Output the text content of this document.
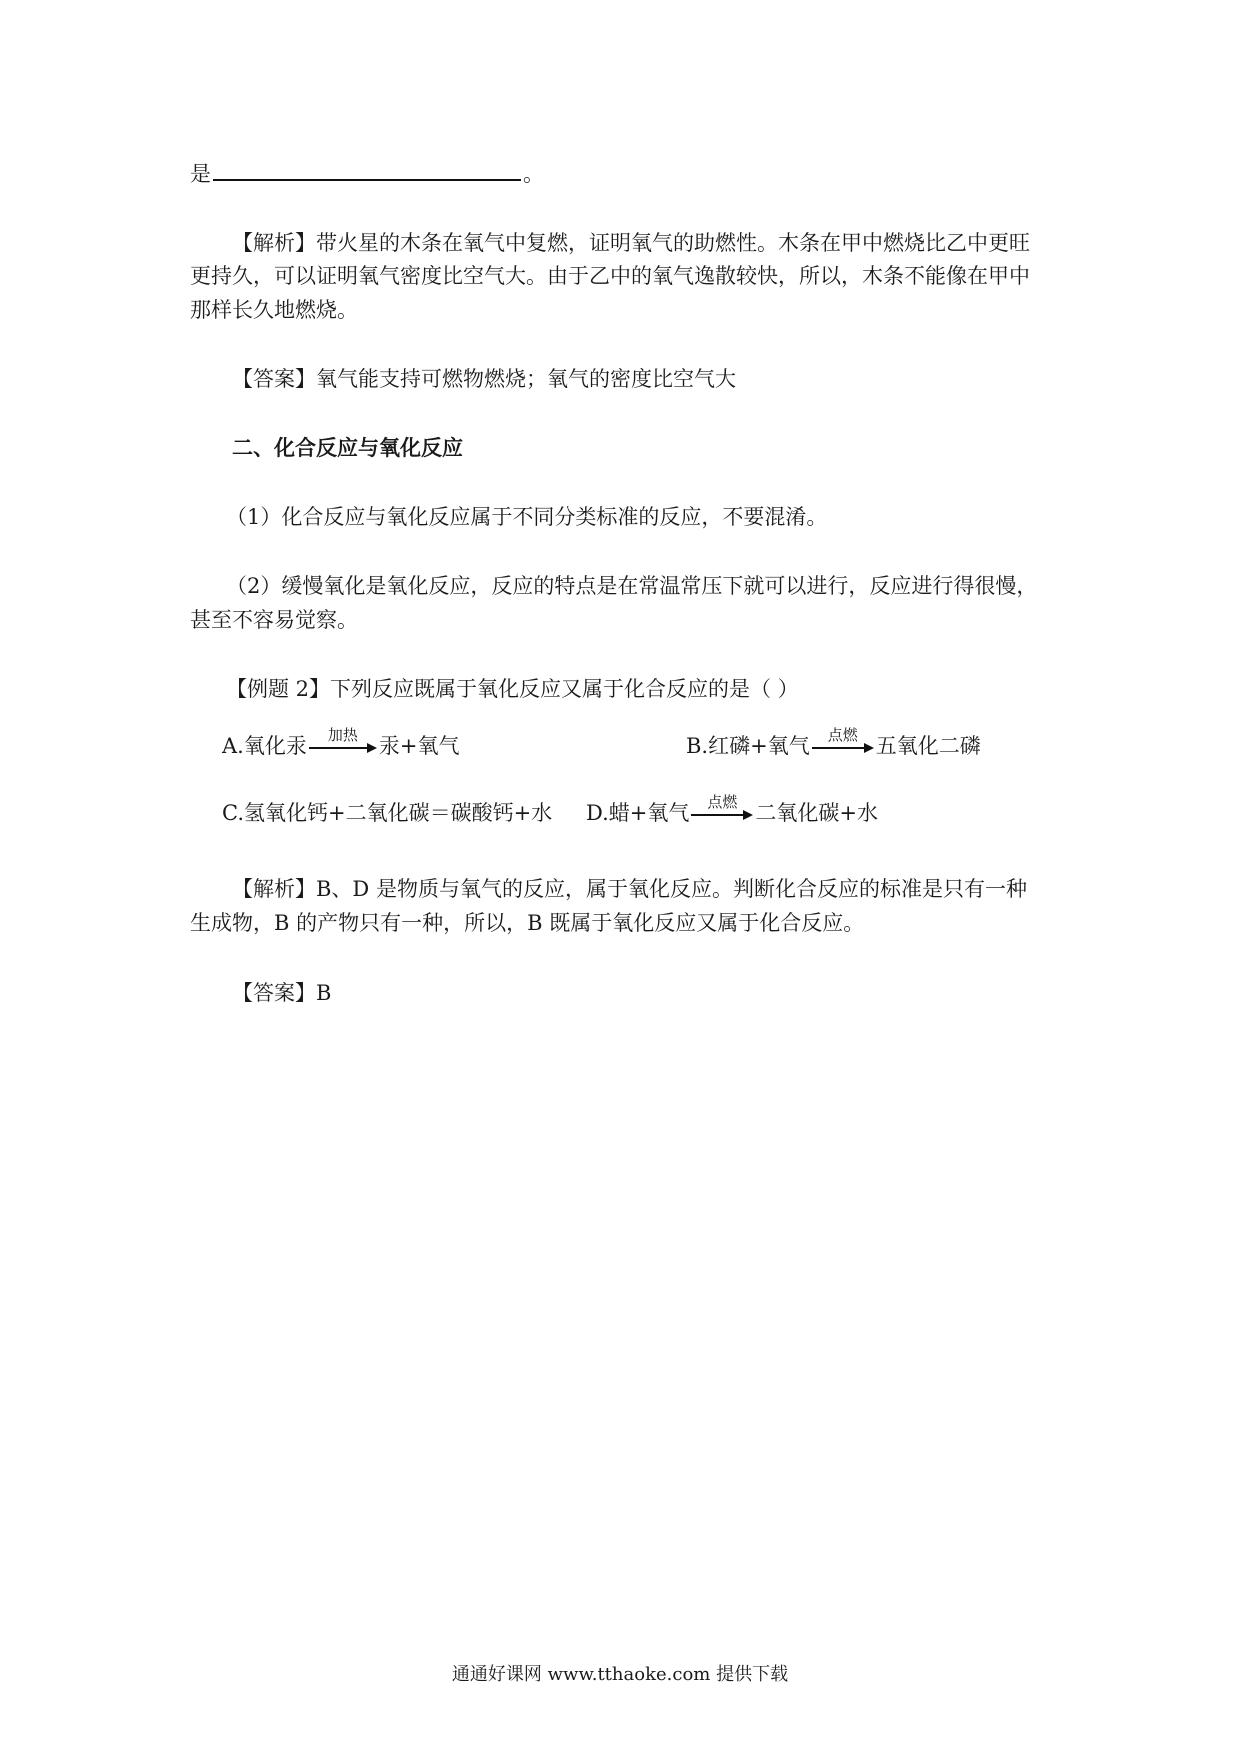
是	。
【解析】带火星的木条在氧气中复燃，证明氧气的助燃性。木条在甲中燃烧比乙中更旺
更持久，可以证明氧气密度比空气大。由于乙中的氧气逸散较快，所以，木条不能像在甲中
那样长久地燃烧。
【答案】氧气能支持可燃物燃烧；氧气的密度比空气大
二、化合反应与氧化反应
（1）化合反应与氧化反应属于不同分类标准的反应，不要混淆。
（2）缓慢氧化是氧化反应，反应的特点是在常温常压下就可以进行，反应进行得很慢，
甚至不容易觉察。
【例题 2】下列反应既属于氧化反应又属于化合反应的是（ ）
A.氧化汞	加热	汞+氧气	B.红磷+氧气	点燃 五氧化二磷
C.氢氧化钙+二氧化碳＝碳酸钙+水 D.蜡+氧气	点燃 二氧化碳+水
【解析】B、D 是物质与氧气的反应，属于氧化反应。判断化合反应的标准是只有一种
生成物，B 的产物只有一种，所以，B 既属于氧化反应又属于化合反应。
【答案】B
通通好课网 www.tthaoke.com 提供下载
